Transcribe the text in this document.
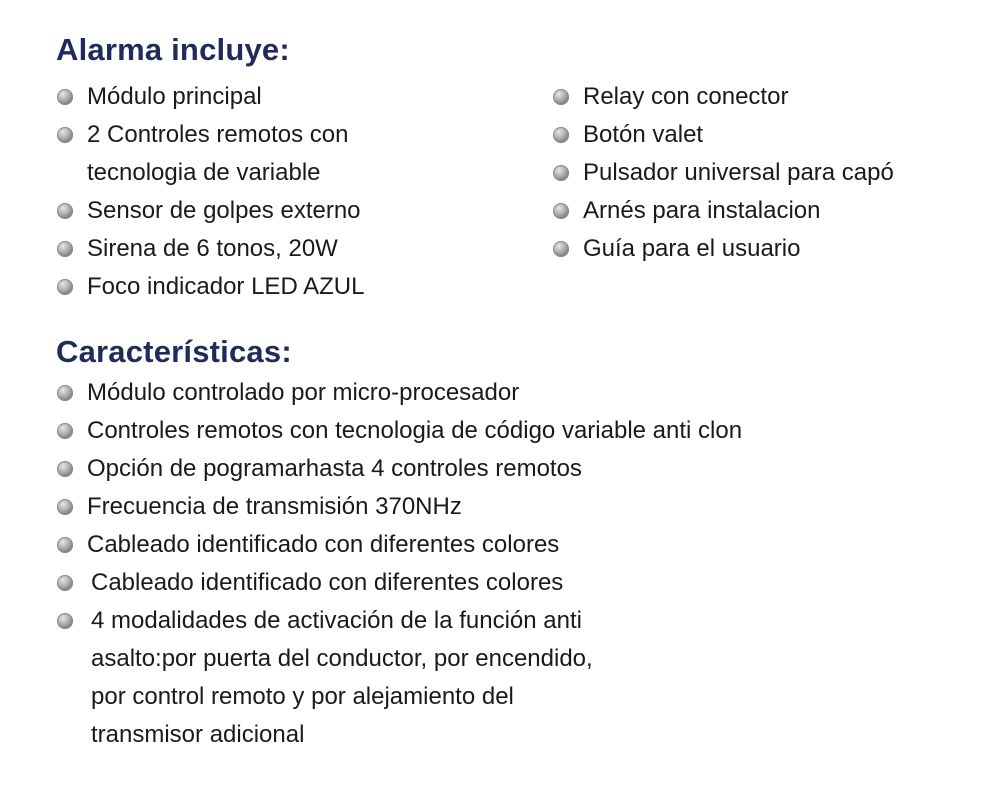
Alarma incluye:
Módulo principal
2 Controles remotos con
tecnologia de variable
Sensor de golpes externo
Sirena de 6 tonos, 20W
Foco indicador LED AZUL
Relay con conector
Botón valet
Pulsador universal para capó
Arnés para instalacion
Guía para el usuario
Características:
Módulo controlado por micro-procesador
Controles remotos con tecnologia de código variable anti clon
Opción de pogramarhasta 4 controles remotos
Frecuencia de transmisión 370NHz
Cableado identificado con diferentes colores
Cableado identificado con diferentes colores
4 modalidades de activación de la función anti
asalto:por puerta del conductor, por encendido,
por control remoto y por alejamiento del
transmisor adicional
